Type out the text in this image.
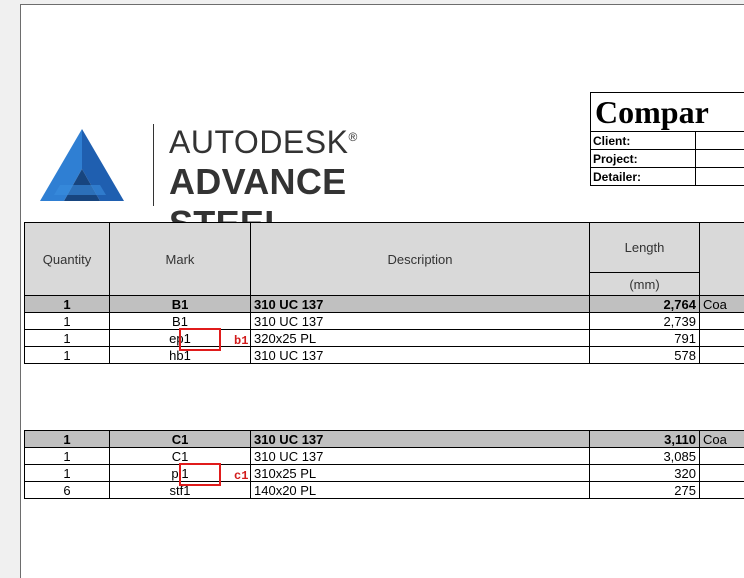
AUTODESK®
ADVANCE
Compar	
Client:	
Project:	
Detailer:	
Quantity	Mark	Description	Length	
			(mm)	
1	B1	310 UC 137	2,764	Coa
1	B1	310 UC 137	2,739	
1	ep1	320x25 PL	791	
1	hb1	310 UC 137	578	
1	C1	310 UC 137	3,110	Coa
1	C1	310 UC 137	3,085	
1	pl1	310x25 PL	320	
6	stf1	140x20 PL	275	
b1
c1
